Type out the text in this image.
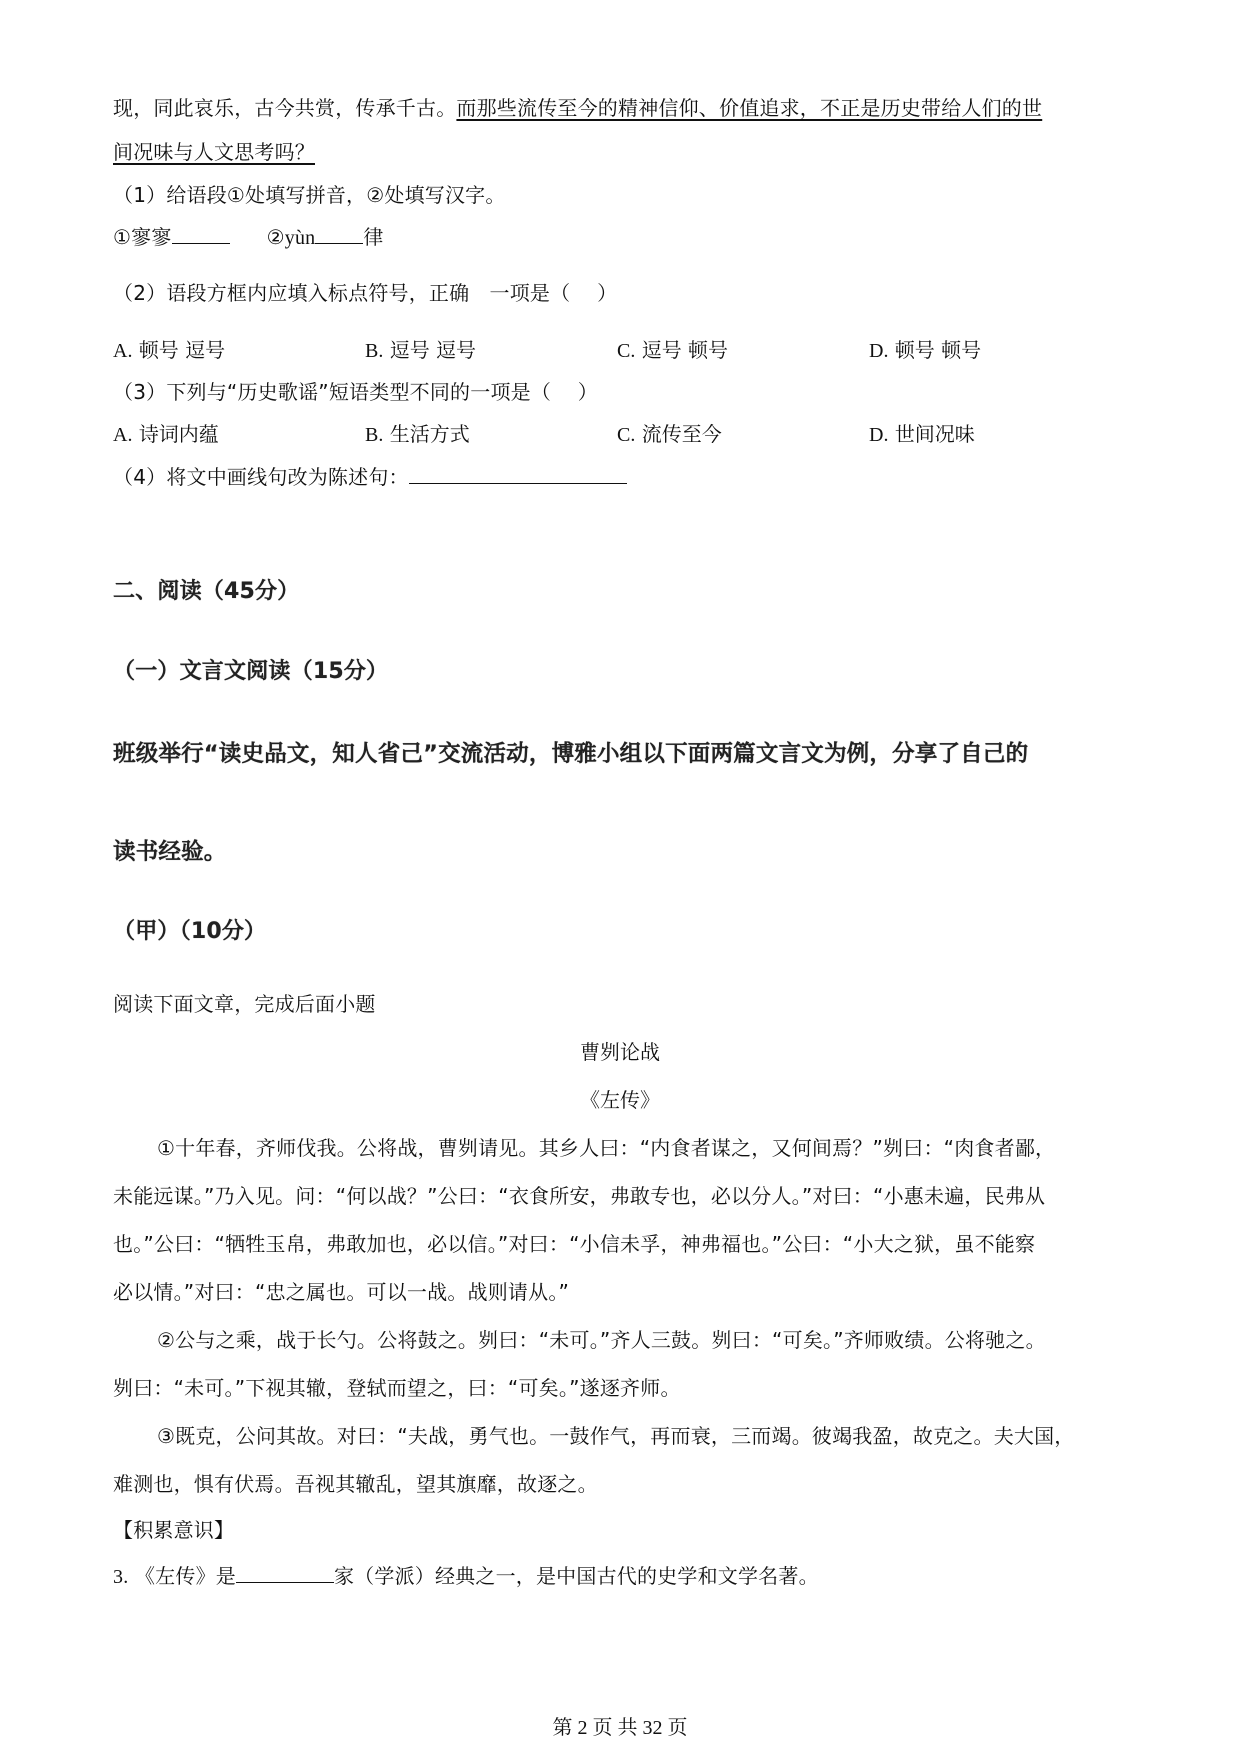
现，同此哀乐，古今共赏，传承千古。而那些流传至今的精神信仰、价值追求，不正是历史带给人们的世
间况味与人文思考吗？
（1）给语段①处填写拼音，②处填写汉字。
①寥寥	②yùn 律
（2）语段方框内应填入标点符号，正确　一项是（　 ）
A. 顿号 逗号	B. 逗号 逗号	C. 逗号 顿号	D. 顿号 顿号
（3）下列与“历史歌谣”短语类型不同的一项是（　 ）
A. 诗词内蕴	B. 生活方式	C. 流传至今	D. 世间况味
（4）将文中画线句改为陈述句：
二、阅读（45分）
（一）文言文阅读（15分）
班级举行“读史品文，知人省己”交流活动，博雅小组以下面两篇文言文为例，分享了自己的
读书经验。
（甲）（10分）
阅读下面文章，完成后面小题
曹刿论战
《左传》
①十年春，齐师伐我。公将战，曹刿请见。其乡人曰：“内食者谋之，又何间焉？”刿曰：“肉食者鄙，
未能远谋。”乃入见。问：“何以战？”公曰：“衣食所安，弗敢专也，必以分人。”对曰：“小惠未遍，民弗从
也。”公曰：“牺牲玉帛，弗敢加也，必以信。”对曰：“小信未孚，神弗福也。”公曰：“小大之狱，虽不能察
必以情。”对曰：“忠之属也。可以一战。战则请从。”
②公与之乘，战于长勺。公将鼓之。刿曰：“未可。”齐人三鼓。刿曰：“可矣。”齐师败绩。公将驰之。
刿曰：“未可。”下视其辙，登轼而望之，曰：“可矣。”遂逐齐师。
③既克，公问其故。对曰：“夫战，勇气也。一鼓作气，再而衰，三而竭。彼竭我盈，故克之。夫大国，
难测也，惧有伏焉。吾视其辙乱，望其旗靡，故逐之。
【积累意识】
3. 《左传》是	家（学派）经典之一，是中国古代的史学和文学名著。
第 2 页 共 32 页
